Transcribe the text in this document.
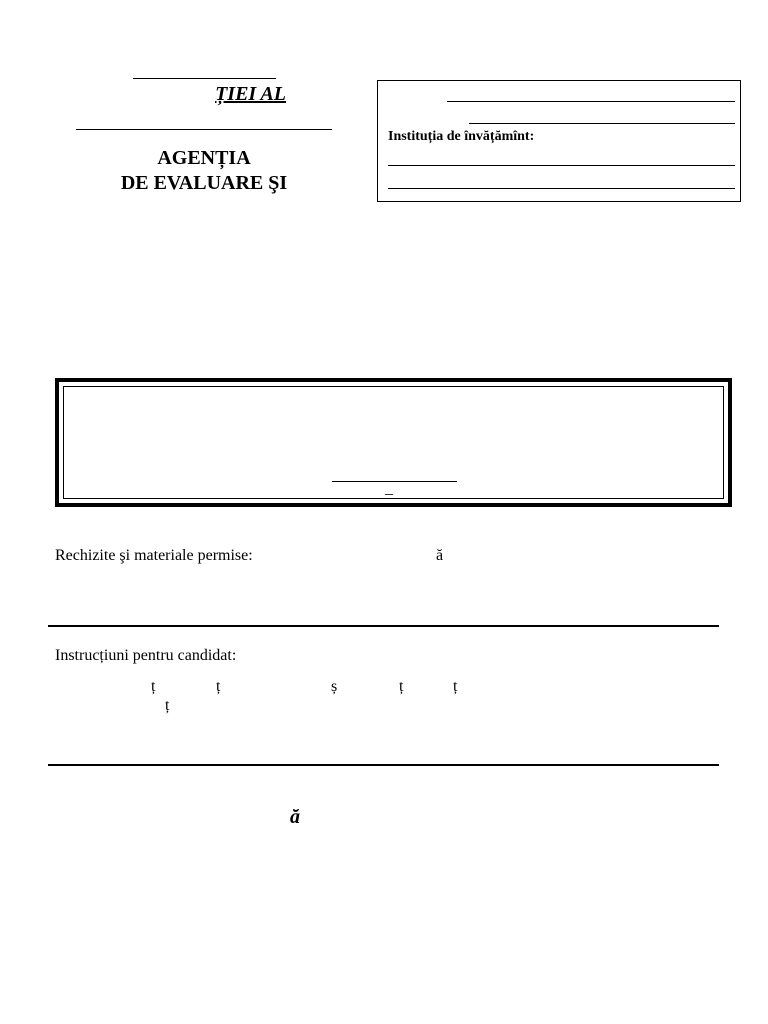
ȚIEI AL
AGENȚIA
DE EVALUARE ŞI
Instituția de învățămînt:
_
Rechizite şi materiale permise:	ă
Instrucțiuni pentru candidat:
ț	ț	ș	ț	ț
ț
ă
